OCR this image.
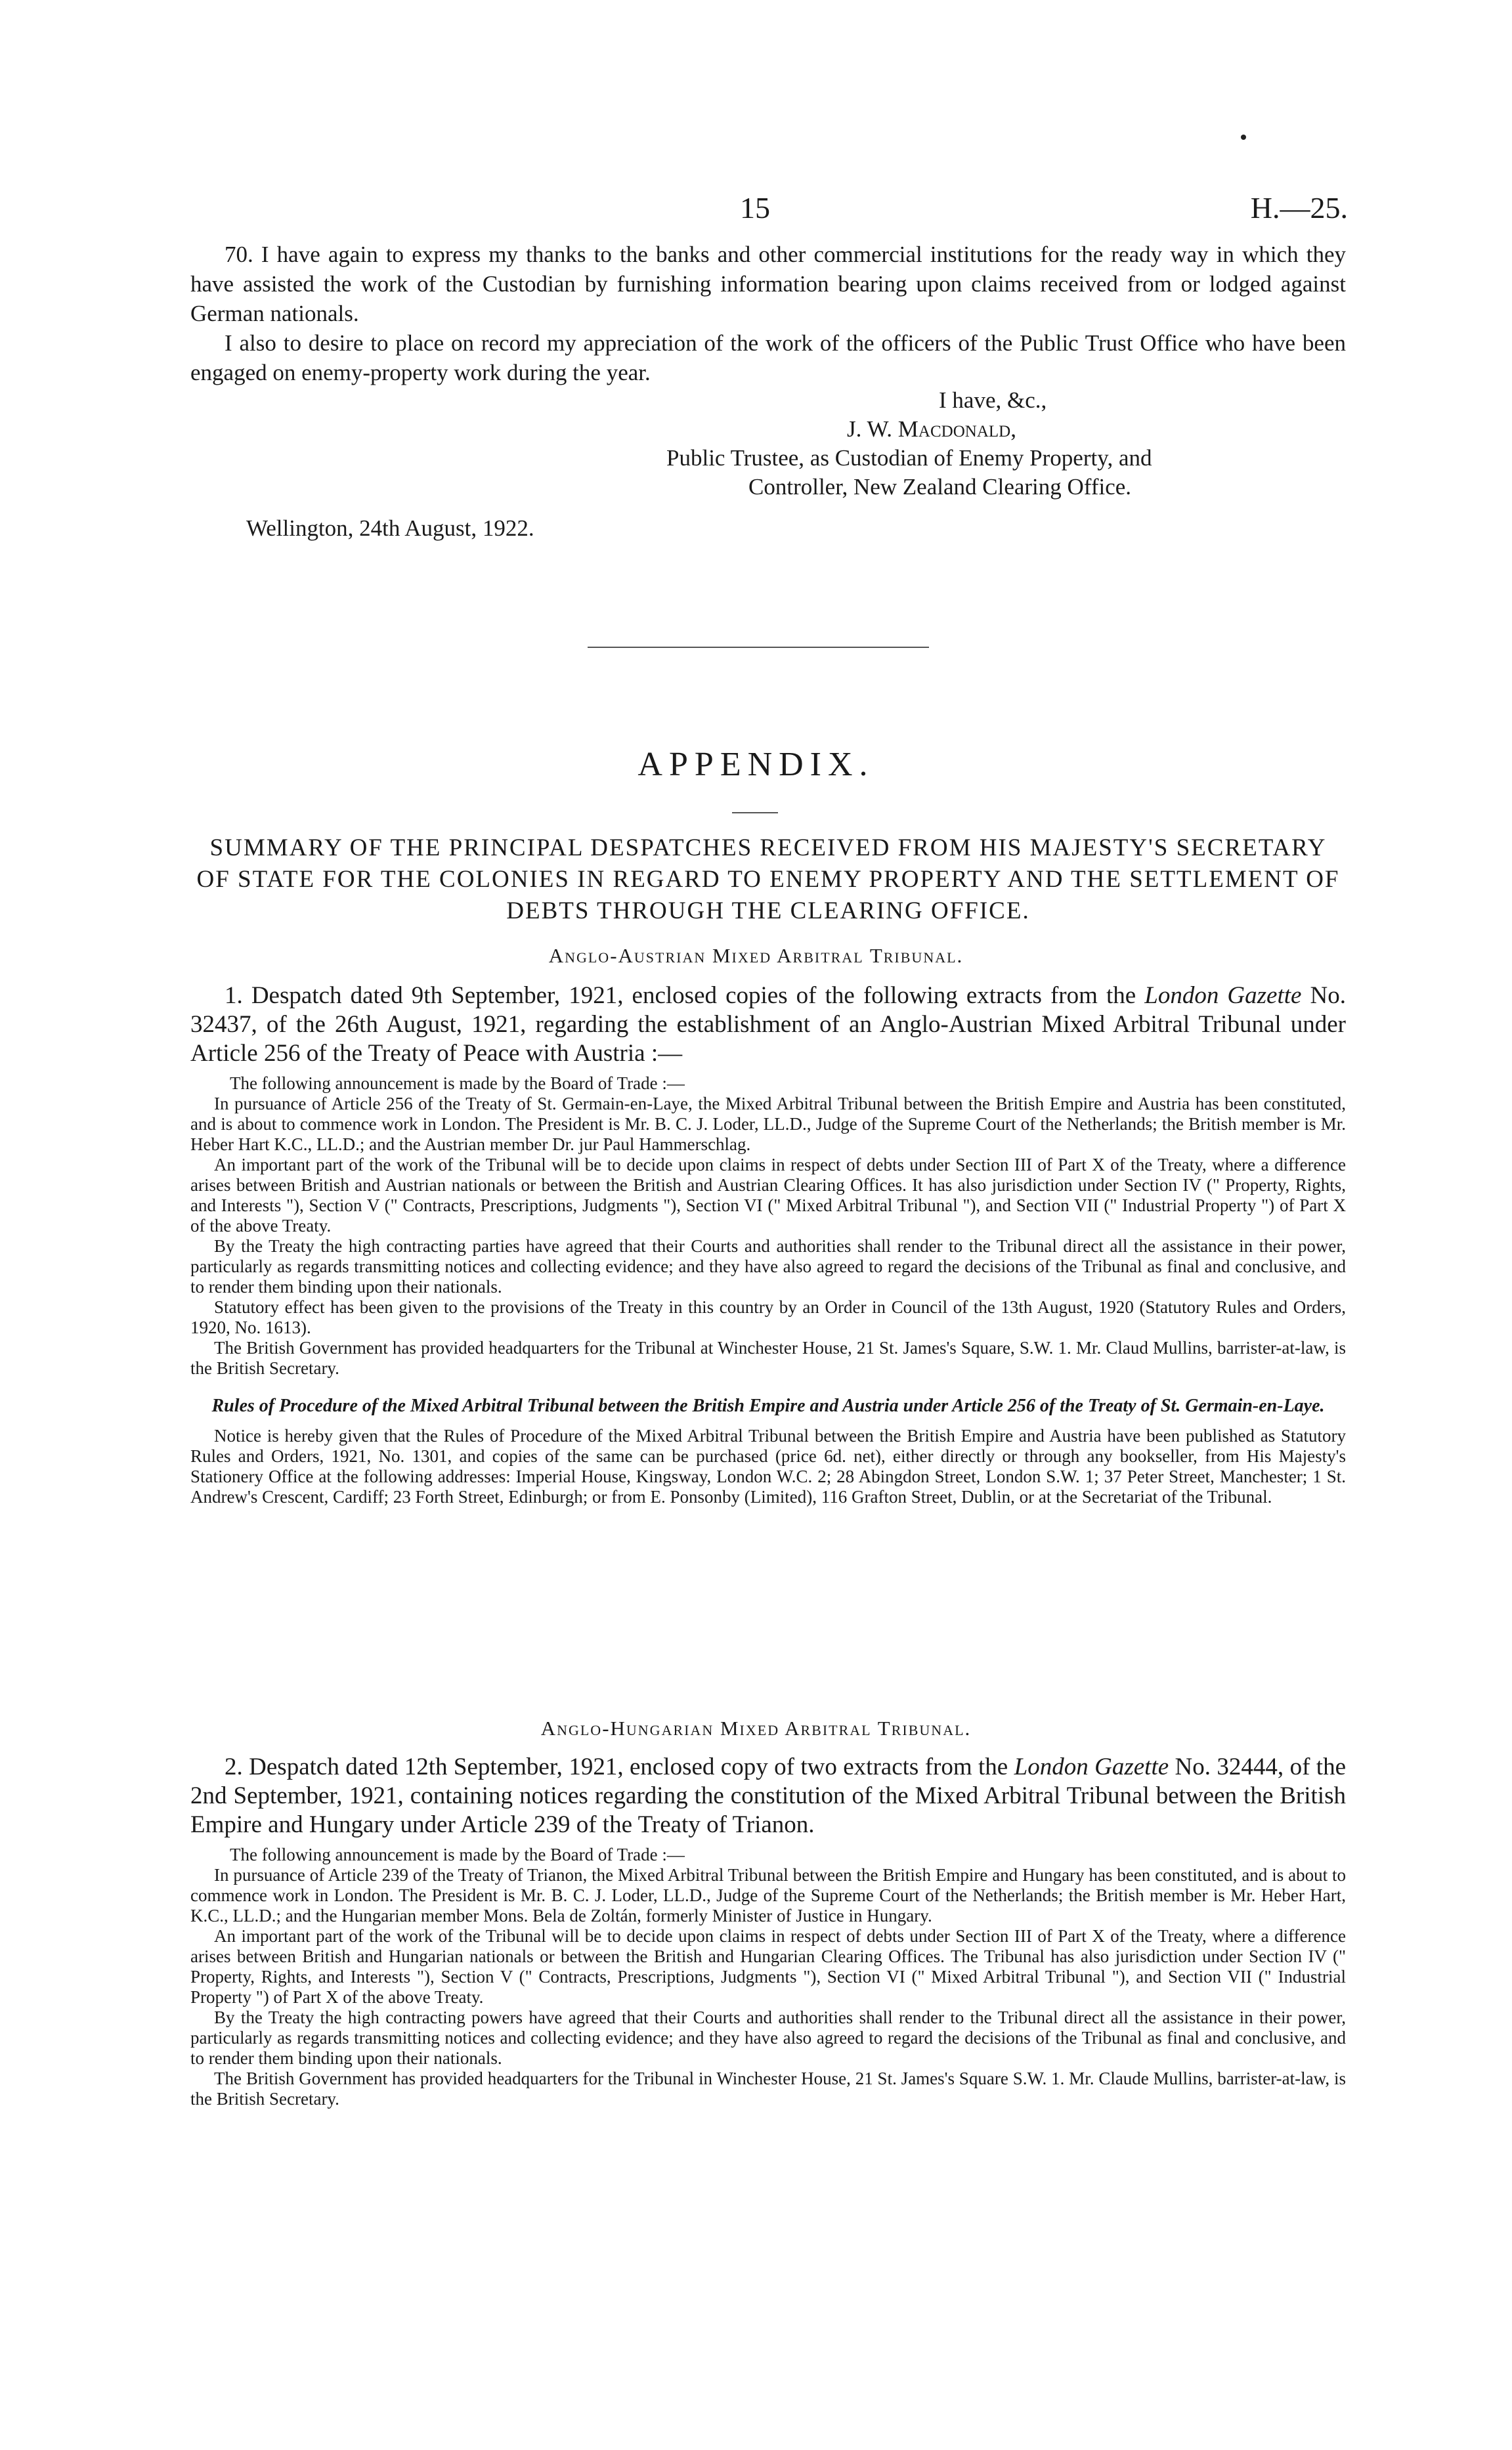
15	H.—25.

70. I have again to express my thanks to the banks and other commercial institutions for the ready way in which they have assisted the work of the Custodian by furnishing information bearing upon claims received from or lodged against German nationals.

I also to desire to place on record my appreciation of the work of the officers of the Public Trust Office who have been engaged on enemy-property work during the year.

I have, &c.,
J. W. Macdonald,
Public Trustee, as Custodian of Enemy Property, and
Controller, New Zealand Clearing Office.
Wellington, 24th August, 1922.
APPENDIX.
SUMMARY OF THE PRINCIPAL DESPATCHES RECEIVED FROM HIS MAJESTY'S SECRETARY OF STATE FOR THE COLONIES IN REGARD TO ENEMY PROPERTY AND THE SETTLEMENT OF DEBTS THROUGH THE CLEARING OFFICE.
Anglo-Austrian Mixed Arbitral Tribunal.

1. Despatch dated 9th September, 1921, enclosed copies of the following extracts from the London Gazette No. 32437, of the 26th August, 1921, regarding the establishment of an Anglo-Austrian Mixed Arbitral Tribunal under Article 256 of the Treaty of Peace with Austria :—

The following announcement is made by the Board of Trade :—

In pursuance of Article 256 of the Treaty of St. Germain-en-Laye, the Mixed Arbitral Tribunal between the British Empire and Austria has been constituted, and is about to commence work in London. The President is Mr. B. C. J. Loder, LL.D., Judge of the Supreme Court of the Netherlands; the British member is Mr. Heber Hart K.C., LL.D.; and the Austrian member Dr. jur Paul Hammerschlag.

An important part of the work of the Tribunal will be to decide upon claims in respect of debts under Section III of Part X of the Treaty, where a difference arises between British and Austrian nationals or between the British and Austrian Clearing Offices. It has also jurisdiction under Section IV (" Property, Rights, and Interests "), Section V (" Contracts, Prescriptions, Judgments "), Section VI (" Mixed Arbitral Tribunal "), and Section VII (" Industrial Property ") of Part X of the above Treaty.

By the Treaty the high contracting parties have agreed that their Courts and authorities shall render to the Tribunal direct all the assistance in their power, particularly as regards transmitting notices and collecting evidence; and they have also agreed to regard the decisions of the Tribunal as final and conclusive, and to render them binding upon their nationals.

Statutory effect has been given to the provisions of the Treaty in this country by an Order in Council of the 13th August, 1920 (Statutory Rules and Orders, 1920, No. 1613).

The British Government has provided headquarters for the Tribunal at Winchester House, 21 St. James's Square, S.W. 1. Mr. Claud Mullins, barrister-at-law, is the British Secretary.

Rules of Procedure of the Mixed Arbitral Tribunal between the British Empire and Austria under Article 256 of the Treaty of St. Germain-en-Laye.

Notice is hereby given that the Rules of Procedure of the Mixed Arbitral Tribunal between the British Empire and Austria have been published as Statutory Rules and Orders, 1921, No. 1301, and copies of the same can be purchased (price 6d. net), either directly or through any bookseller, from His Majesty's Stationery Office at the following addresses: Imperial House, Kingsway, London W.C. 2; 28 Abingdon Street, London S.W. 1; 37 Peter Street, Manchester; 1 St. Andrew's Crescent, Cardiff; 23 Forth Street, Edinburgh; or from E. Ponsonby (Limited), 116 Grafton Street, Dublin, or at the Secretariat of the Tribunal.

Anglo-Hungarian Mixed Arbitral Tribunal.

2. Despatch dated 12th September, 1921, enclosed copy of two extracts from the London Gazette No. 32444, of the 2nd September, 1921, containing notices regarding the constitution of the Mixed Arbitral Tribunal between the British Empire and Hungary under Article 239 of the Treaty of Trianon.

The following announcement is made by the Board of Trade :—

In pursuance of Article 239 of the Treaty of Trianon, the Mixed Arbitral Tribunal between the British Empire and Hungary has been constituted, and is about to commence work in London. The President is Mr. B. C. J. Loder, LL.D., Judge of the Supreme Court of the Netherlands; the British member is Mr. Heber Hart, K.C., LL.D.; and the Hungarian member Mons. Bela de Zoltán, formerly Minister of Justice in Hungary.

An important part of the work of the Tribunal will be to decide upon claims in respect of debts under Section III of Part X of the Treaty, where a difference arises between British and Hungarian nationals or between the British and Hungarian Clearing Offices. The Tribunal has also jurisdiction under Section IV (" Property, Rights, and Interests "), Section V (" Contracts, Prescriptions, Judgments "), Section VI (" Mixed Arbitral Tribunal "), and Section VII (" Industrial Property ") of Part X of the above Treaty.

By the Treaty the high contracting powers have agreed that their Courts and authorities shall render to the Tribunal direct all the assistance in their power, particularly as regards transmitting notices and collecting evidence; and they have also agreed to regard the decisions of the Tribunal as final and conclusive, and to render them binding upon their nationals.

The British Government has provided headquarters for the Tribunal in Winchester House, 21 St. James's Square S.W. 1. Mr. Claude Mullins, barrister-at-law, is the British Secretary.
